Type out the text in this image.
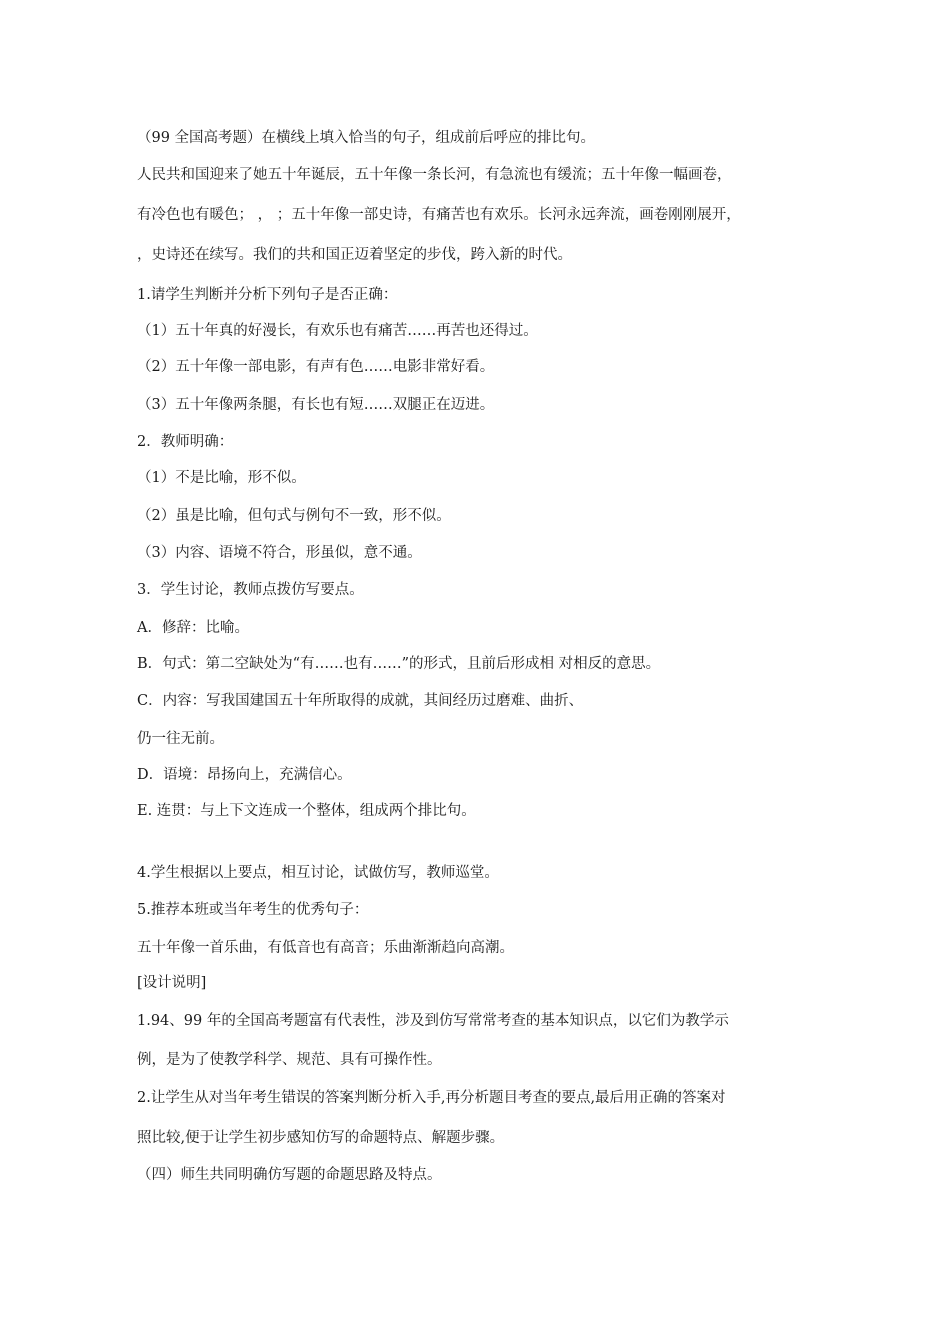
（99 全国高考题）在横线上填入恰当的句子，组成前后呼应的排比句。
人民共和国迎来了她五十年诞辰，五十年像一条长河，有急流也有缓流；五十年像一幅画卷，
有冷色也有暖色； ， ；五十年像一部史诗，有痛苦也有欢乐。长河永远奔流，画卷刚刚展开，
，史诗还在续写。我们的共和国正迈着坚定的步伐，跨入新的时代。
1.请学生判断并分析下列句子是否正确：
（1）五十年真的好漫长，有欢乐也有痛苦……再苦也还得过。
（2）五十年像一部电影，有声有色……电影非常好看。
（3）五十年像两条腿，有长也有短……双腿正在迈进。
2．教师明确：
（1）不是比喻，形不似。
（2）虽是比喻，但句式与例句不一致，形不似。
（3）内容、语境不符合，形虽似，意不通。
3．学生讨论，教师点拨仿写要点。
A．修辞：比喻。
B．句式：第二空缺处为“有……也有……”的形式，且前后形成相 对相反的意思。
C．内容：写我国建国五十年所取得的成就，其间经历过磨难、曲折、
仍一往无前。
D．语境：昂扬向上，充满信心。
E. 连贯：与上下文连成一个整体，组成两个排比句。
4.学生根据以上要点，相互讨论，试做仿写，教师巡堂。
5.推荐本班或当年考生的优秀句子：
五十年像一首乐曲，有低音也有高音；乐曲渐渐趋向高潮。
[设计说明]
1.94、99 年的全国高考题富有代表性，涉及到仿写常常考查的基本知识点，以它们为教学示
例，是为了使教学科学、规范、具有可操作性。
2.让学生从对当年考生错误的答案判断分析入手,再分析题目考查的要点,最后用正确的答案对
照比较,便于让学生初步感知仿写的命题特点、解题步骤。
（四）师生共同明确仿写题的命题思路及特点。
